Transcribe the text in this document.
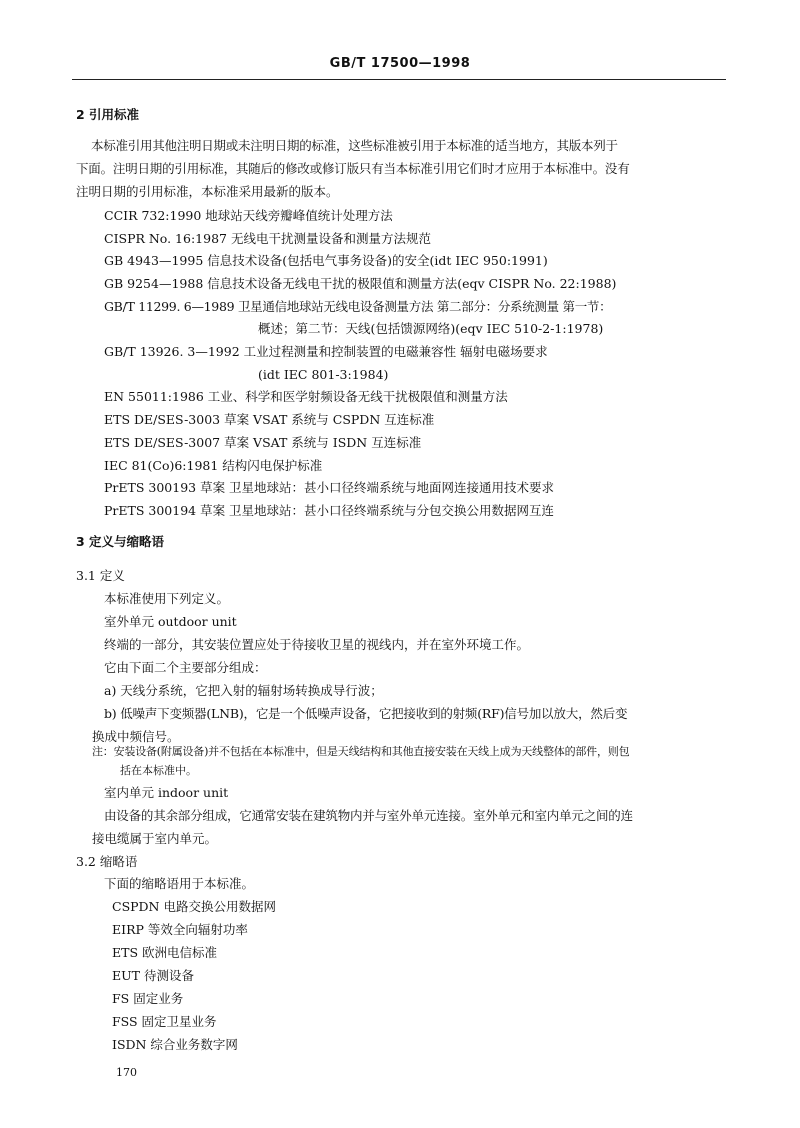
GB/T 17500—1998
2 引用标准
本标准引用其他注明日期或未注明日期的标准，这些标准被引用于本标准的适当地方，其版本列于
下面。注明日期的引用标准，其随后的修改或修订版只有当本标准引用它们时才应用于本标准中。没有
注明日期的引用标准，本标准采用最新的版本。
CCIR 732:1990 地球站天线旁瓣峰值统计处理方法
CISPR No. 16:1987 无线电干扰测量设备和测量方法规范
GB 4943—1995 信息技术设备(包括电气事务设备)的安全(idt IEC 950:1991)
GB 9254—1988 信息技术设备无线电干扰的极限值和测量方法(eqv CISPR No. 22:1988)
GB/T 11299. 6—1989 卫星通信地球站无线电设备测量方法 第二部分：分系统测量 第一节：
概述；第二节：天线(包括馈源网络)(eqv IEC 510-2-1:1978)
GB/T 13926. 3—1992 工业过程测量和控制装置的电磁兼容性 辐射电磁场要求
(idt IEC 801-3:1984)
EN 55011:1986 工业、科学和医学射频设备无线干扰极限值和测量方法
ETS DE/SES-3003 草案 VSAT 系统与 CSPDN 互连标准
ETS DE/SES-3007 草案 VSAT 系统与 ISDN 互连标准
IEC 81(Co)6:1981 结构闪电保护标准
PrETS 300193 草案 卫星地球站：甚小口径终端系统与地面网连接通用技术要求
PrETS 300194 草案 卫星地球站：甚小口径终端系统与分包交换公用数据网互连
3 定义与缩略语
3.1 定义
本标准使用下列定义。
室外单元 outdoor unit
终端的一部分，其安装位置应处于待接收卫星的视线内，并在室外环境工作。
它由下面二个主要部分组成：
a) 天线分系统，它把入射的辐射场转换成导行波；
b) 低噪声下变频器(LNB)，它是一个低噪声设备，它把接收到的射频(RF)信号加以放大，然后变
换成中频信号。
注：安装设备(附属设备)并不包括在本标准中，但是天线结构和其他直接安装在天线上成为天线整体的部件，则包
括在本标准中。
室内单元 indoor unit
由设备的其余部分组成，它通常安装在建筑物内并与室外单元连接。室外单元和室内单元之间的连
接电缆属于室内单元。
3.2 缩略语
下面的缩略语用于本标准。
CSPDN 电路交换公用数据网
EIRP 等效全向辐射功率
ETS 欧洲电信标准
EUT 待测设备
FS 固定业务
FSS 固定卫星业务
ISDN 综合业务数字网
170
